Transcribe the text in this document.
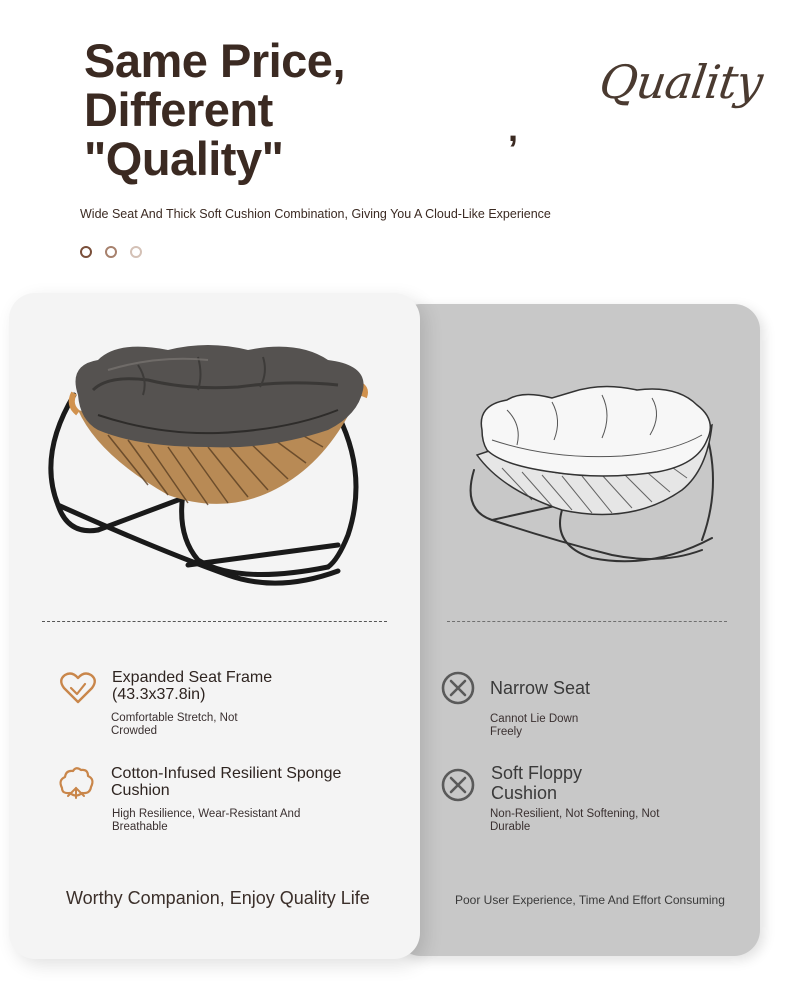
Same Price,
Different
"Quality"
,
Quality
Wide Seat And Thick Soft Cushion Combination, Giving You A Cloud-Like Experience
Expanded Seat Frame (43.3x37.8in)
Comfortable Stretch, Not Crowded
Cotton-Infused Resilient Sponge Cushion
High Resilience, Wear-Resistant And Breathable
Worthy Companion, Enjoy Quality Life
Narrow Seat
Cannot Lie Down Freely
Soft Floppy Cushion
Non-Resilient, Not Softening, Not Durable
Poor User Experience, Time And Effort Consuming
